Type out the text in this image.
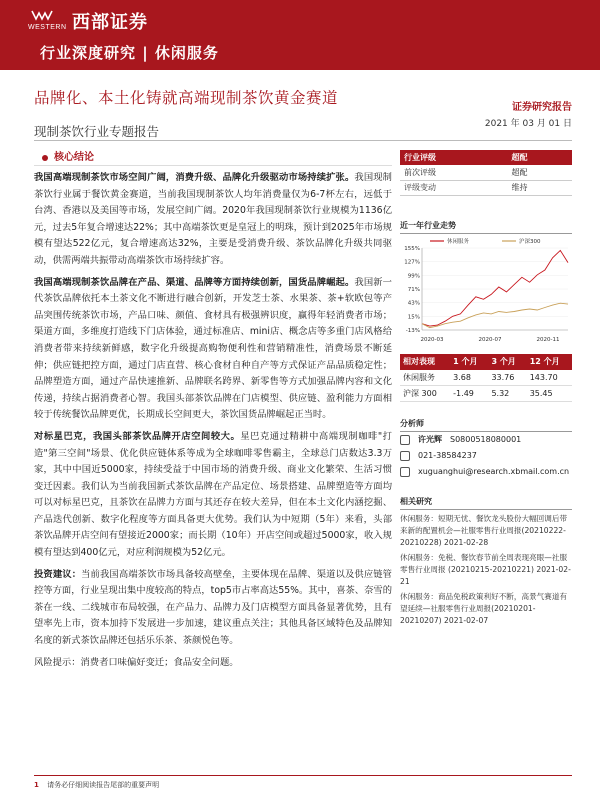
WESTERN 西部证券
行业深度研究 | 休闲服务
品牌化、本土化铸就高端现制茶饮黄金赛道
证券研究报告
2021 年 03 月 01 日
现制茶饮行业专题报告
核心结论

我国高端现制茶饮市场空间广阔，消费升级、品牌化升级驱动市场持续扩张。我国现制茶饮行业属于餐饮黄金赛道，当前我国现制茶饮人均年消费量仅为6-7杯左右，远低于台湾、香港以及美国等市场，发展空间广阔。2020年我国现制茶饮行业规模为1136亿元，过去5年复合增速达22%；其中高端茶饮更是皇冠上的明珠，预计到2025年市场规模有望达522亿元，复合增速高达32%，主要是受消费升级、茶饮品牌化升级共同驱动，供需两端共振带动高端茶饮市场持续扩容。

我国高端现制茶饮品牌在产品、渠道、品牌等方面持续创新，国货品牌崛起。我国新一代茶饮品牌依托本土茶文化不断进行融合创新，开发芝士茶、水果茶、茶+软欧包等产品突围传统茶饮市场，产品口味、颜值、食材具有极强辨识度，赢得年轻消费者市场；渠道方面，多维度打造线下门店体验，通过标准店、mini店、概念店等多重门店风格给消费者带来持续新鲜感，数字化升级提高购物便利性和营销精准性，消费场景不断延伸；供应链把控方面，通过门店直营、核心食材自种自产等方式保证产品品质稳定性；品牌塑造方面，通过产品快速推新、品牌联名跨界、新零售等方式加强品牌内容和文化传递，持续占据消费者心智。我国头部茶饮品牌在门店模型、供应链、盈利能力方面相较于传统餐饮品牌更优，长期成长空间更大，茶饮国货品牌崛起正当时。

对标星巴克，我国头部茶饮品牌开店空间较大。星巴克通过精耕中高端现制咖啡"打造"第三空间"场景、优化供应链体系等成为全球咖啡零售霸主，全球总门店数达3.3万家，其中中国近5000家，持续受益于中国市场的消费升级、商业文化繁荣、生活习惯变迁因素。我们认为当前我国新式茶饮品牌在产品定位、场景搭建、品牌塑造等方面均可以对标星巴克，且茶饮在品牌力方面与其还存在较大差异，但在本土文化内涵挖掘、产品迭代创新、数字化程度等方面具备更大优势。我们认为中短期（5年）来看，头部茶饮品牌开店空间有望接近2000家；而长期（10年）开店空间或超过5000家，收入规模有望达到400亿元，对应利润规模为52亿元。

投资建议：当前我国高端茶饮市场具备较高壁垒，主要体现在品牌、渠道以及供应链管控等方面，行业呈现出集中度较高的特点，top5市占率高达55%。其中，喜茶、奈雪的茶在一线、二线城市布局较强，在产品力、品牌力及门店模型方面具备显著优势，且有望率先上市，资本加持下发展进一步加速，建议重点关注；其他具备区域特色及品牌知名度的新式茶饮品牌还包括乐乐茶、茶颜悦色等。

风险提示：消费者口味偏好变迁；食品安全问题。

行业评级	超配
前次评级	超配
评级变动	维持
近一年行业走势
155%
127%
99%
71%
43%
15%
-13%
2020-03	2020-07	2020-11
休闲服务	沪深300
相对表现	1 个月	3 个月	12 个月
休闲服务	3.68	33.76	143.70
沪深 300	-1.49	5.32	35.45
分析师
许光辉 S0800518080001
021-38584237
xuguanghui@research.xbmail.com.cn
相关研究
休闲服务：短期无忧、餐饮龙头股份大幅回调后带来新的配置机会—社服零售行业周报(20210222-20210228) 2021-02-28
休闲服务：免税、餐饮春节前全周表现亮眼—社服零售行业周报 (20210215-20210221) 2021-02-21
休闲服务：商品免税政策利好不断，高景气赛道有望延续—社服零售行业周报(20210201-20210207) 2021-02-07
1 请务必仔细阅读报告尾部的重要声明
